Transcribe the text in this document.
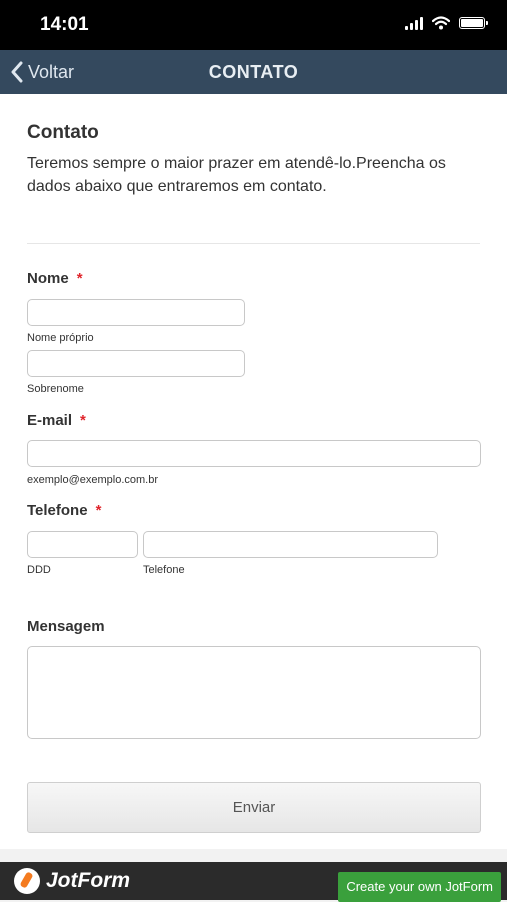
14:01
Voltar	CONTATO
Contato
Teremos sempre o maior prazer em atendê-lo.Preencha os dados abaixo que entraremos em contato.
Nome *
Nome próprio
Sobrenome
E-mail *
exemplo@exemplo.com.br
Telefone *
DDD	Telefone
Mensagem
Enviar
JotForm	Create your own JotForm
